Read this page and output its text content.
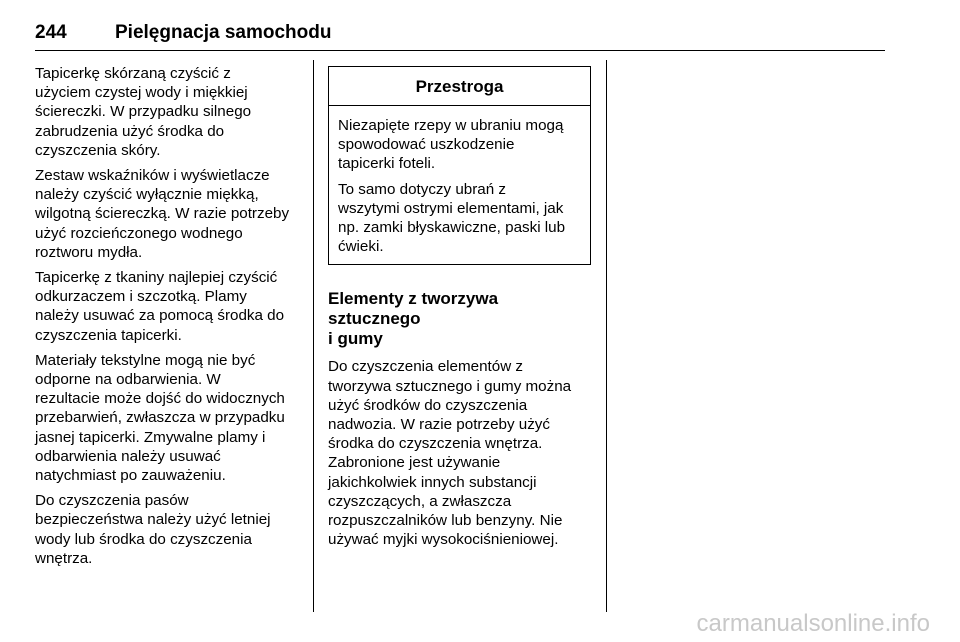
244	Pielęgnacja samochodu

Tapicerkę skórzaną czyścić z
użyciem czystej wody i miękkiej
ściereczki. W przypadku silnego
zabrudzenia użyć środka do
czyszczenia skóry.

Zestaw wskaźników i wyświetlacze
należy czyścić wyłącznie miękką,
wilgotną ściereczką. W razie potrzeby
użyć rozcieńczonego wodnego
roztworu mydła.

Tapicerkę z tkaniny najlepiej czyścić
odkurzaczem i szczotką. Plamy
należy usuwać za pomocą środka do
czyszczenia tapicerki.

Materiały tekstylne mogą nie być
odporne na odbarwienia. W
rezultacie może dojść do widocznych
przebarwień, zwłaszcza w przypadku
jasnej tapicerki. Zmywalne plamy i
odbarwienia należy usuwać
natychmiast po zauważeniu.

Do czyszczenia pasów
bezpieczeństwa należy użyć letniej
wody lub środka do czyszczenia
wnętrza.

Przestroga

Niezapięte rzepy w ubraniu mogą
spowodować uszkodzenie
tapicerki foteli.

To samo dotyczy ubrań z
wszytymi ostrymi elementami, jak
np. zamki błyskawiczne, paski lub
ćwieki.

Elementy z tworzywa sztucznego
i gumy

Do czyszczenia elementów z
tworzywa sztucznego i gumy można
użyć środków do czyszczenia
nadwozia. W razie potrzeby użyć
środka do czyszczenia wnętrza.
Zabronione jest używanie
jakichkolwiek innych substancji
czyszczących, a zwłaszcza
rozpuszczalników lub benzyny. Nie
używać myjki wysokociśnieniowej.

carmanualsonline.info
